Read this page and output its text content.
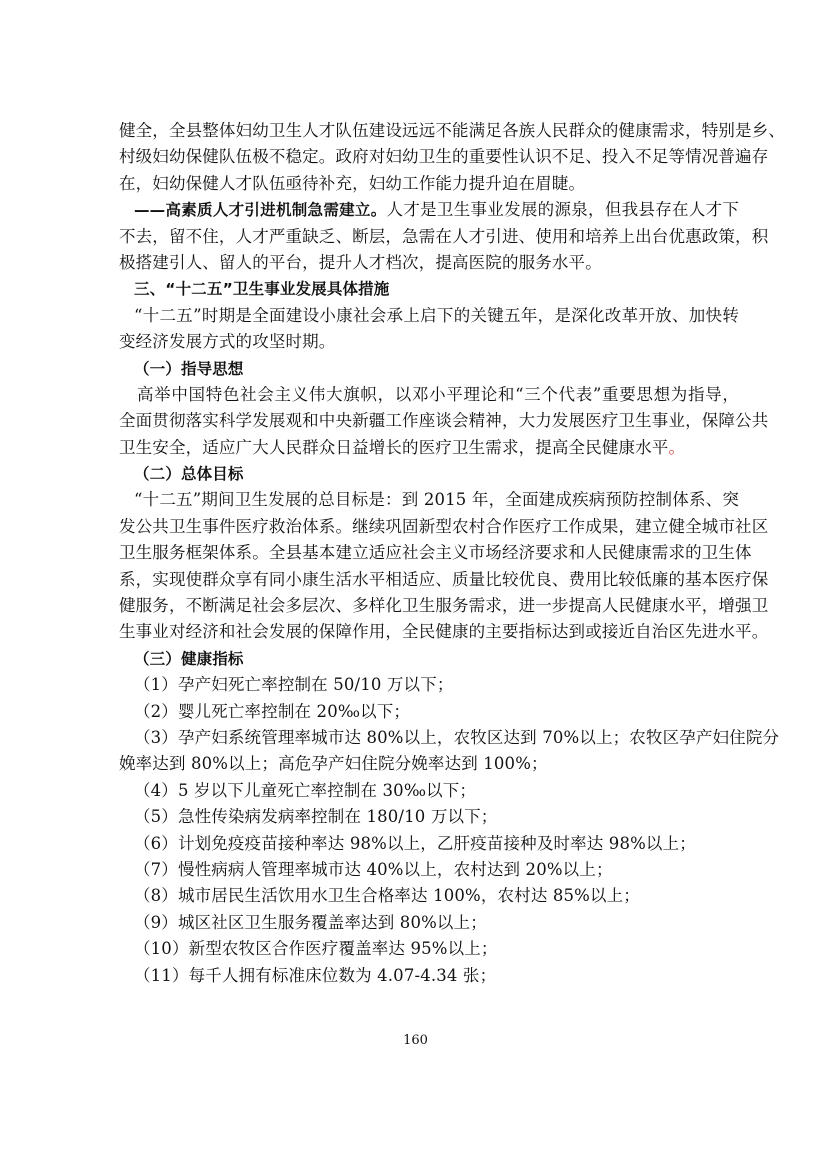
健全，全县整体妇幼卫生人才队伍建设远远不能满足各族人民群众的健康需求，特别是乡、
村级妇幼保健队伍极不稳定。政府对妇幼卫生的重要性认识不足、投入不足等情况普遍存
在，妇幼保健人才队伍亟待补充，妇幼工作能力提升迫在眉睫。
——高素质人才引进机制急需建立。人才是卫生事业发展的源泉，但我县存在人才下
不去，留不住，人才严重缺乏、断层，急需在人才引进、使用和培养上出台优惠政策，积
极搭建引人、留人的平台，提升人才档次，提高医院的服务水平。
三、“十二五”卫生事业发展具体措施
“十二五”时期是全面建设小康社会承上启下的关键五年，是深化改革开放、加快转
变经济发展方式的攻坚时期。
（一）指导思想
高举中国特色社会主义伟大旗帜，以邓小平理论和“三个代表”重要思想为指导，
全面贯彻落实科学发展观和中央新疆工作座谈会精神，大力发展医疗卫生事业，保障公共
卫生安全，适应广大人民群众日益增长的医疗卫生需求，提高全民健康水平。
（二）总体目标
“十二五”期间卫生发展的总目标是：到 2015 年，全面建成疾病预防控制体系、突
发公共卫生事件医疗救治体系。继续巩固新型农村合作医疗工作成果，建立健全城市社区
卫生服务框架体系。全县基本建立适应社会主义市场经济要求和人民健康需求的卫生体
系，实现使群众享有同小康生活水平相适应、质量比较优良、费用比较低廉的基本医疗保
健服务，不断满足社会多层次、多样化卫生服务需求，进一步提高人民健康水平，增强卫
生事业对经济和社会发展的保障作用，全民健康的主要指标达到或接近自治区先进水平。
（三）健康指标
（1）孕产妇死亡率控制在 50/10 万以下；
（2）婴儿死亡率控制在 20‰以下；
（3）孕产妇系统管理率城市达 80%以上，农牧区达到 70%以上；农牧区孕产妇住院分
娩率达到 80%以上；高危孕产妇住院分娩率达到 100%；
（4）5 岁以下儿童死亡率控制在 30‰以下；
（5）急性传染病发病率控制在 180/10 万以下；
（6）计划免疫疫苗接种率达 98%以上，乙肝疫苗接种及时率达 98%以上；
（7）慢性病病人管理率城市达 40%以上，农村达到 20%以上；
（8）城市居民生活饮用水卫生合格率达 100%，农村达 85%以上；
（9）城区社区卫生服务覆盖率达到 80%以上；
（10）新型农牧区合作医疗覆盖率达 95%以上；
（11）每千人拥有标准床位数为 4.07-4.34 张；
160
